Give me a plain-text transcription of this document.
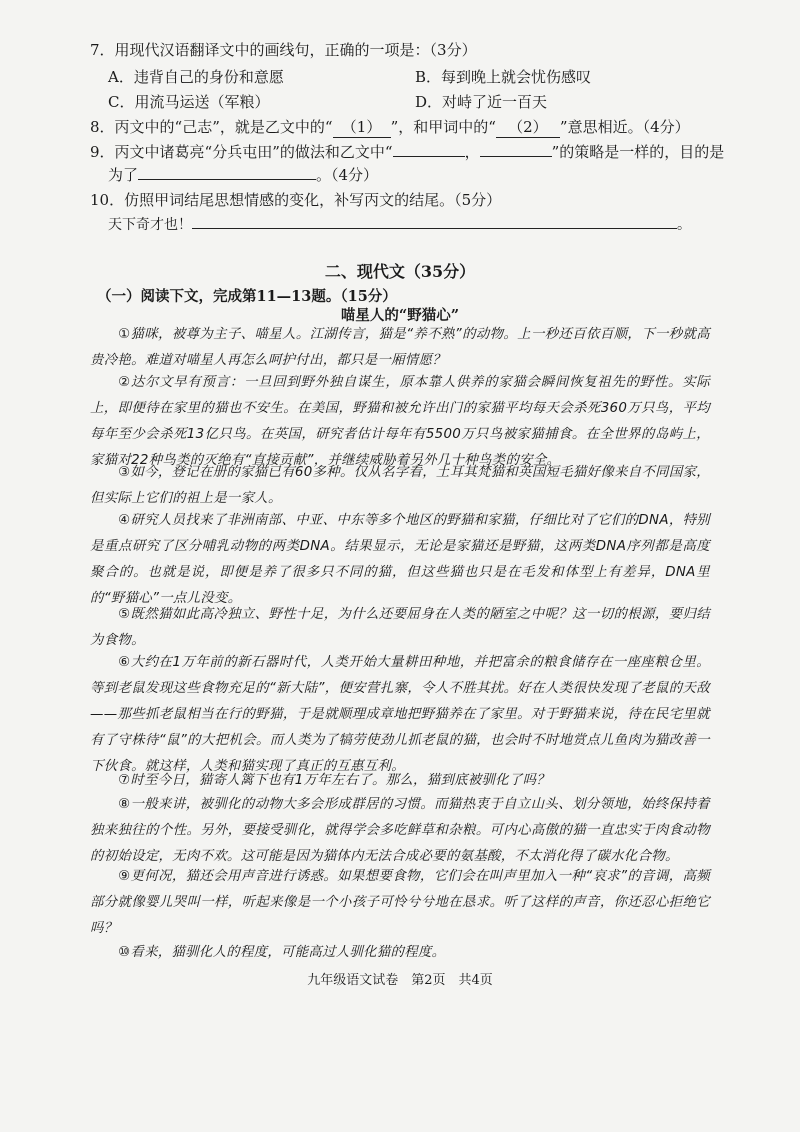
7．用现代汉语翻译文中的画线句，正确的一项是：（3分）
A．违背自己的身份和意愿	B．每到晚上就会忧伤感叹
C．用流马运送（军粮）	D．对峙了近一百天
8．丙文中的“己志”，就是乙文中的“ （1） ”，和甲词中的“ （2） ”意思相近。（4分）
9．丙文中诸葛亮“分兵屯田”的做法和乙文中“	，	”的策略是一样的，目的是
为了	。（4分）
10．仿照甲词结尾思想情感的变化，补写丙文的结尾。（5分）
天下奇才也！	。
二、现代文（35分）
（一）阅读下文，完成第11—13题。（15分）
喵星人的“野猫心”
①猫咪，被尊为主子、喵星人。江湖传言，猫是“养不熟”的动物。上一秒还百依百顺，下一秒就高贵冷艳。难道对喵星人再怎么呵护付出，都只是一厢情愿？
②达尔文早有预言：一旦回到野外独自谋生，原本靠人供养的家猫会瞬间恢复祖先的野性。实际上，即便待在家里的猫也不安生。在美国，野猫和被允许出门的家猫平均每天会杀死360万只鸟，平均每年至少会杀死13亿只鸟。在英国，研究者估计每年有5500万只鸟被家猫捕食。在全世界的岛屿上，家猫对22种鸟类的灭绝有“直接贡献”，并继续威胁着另外几十种鸟类的安全。
③如今，登记在册的家猫已有60多种。仅从名字看，土耳其梵猫和英国短毛猫好像来自不同国家，但实际上它们的祖上是一家人。
④研究人员找来了非洲南部、中亚、中东等多个地区的野猫和家猫，仔细比对了它们的DNA，特别是重点研究了区分哺乳动物的两类DNA。结果显示，无论是家猫还是野猫，这两类DNA序列都是高度聚合的。也就是说，即便是养了很多只不同的猫，但这些猫也只是在毛发和体型上有差异，DNA里的“野猫心”一点儿没变。
⑤既然猫如此高冷独立、野性十足，为什么还要屈身在人类的陋室之中呢？这一切的根源，要归结为食物。
⑥大约在1万年前的新石器时代，人类开始大量耕田种地，并把富余的粮食储存在一座座粮仓里。等到老鼠发现这些食物充足的“新大陆”，便安营扎寨，令人不胜其扰。好在人类很快发现了老鼠的天敌——那些抓老鼠相当在行的野猫，于是就顺理成章地把野猫养在了家里。对于野猫来说，待在民宅里就有了守株待“鼠”的大把机会。而人类为了犒劳使劲儿抓老鼠的猫，也会时不时地赏点儿鱼肉为猫改善一下伙食。就这样，人类和猫实现了真正的互惠互利。
⑦时至今日，猫寄人篱下也有1万年左右了。那么，猫到底被驯化了吗？
⑧一般来讲，被驯化的动物大多会形成群居的习惯。而猫热衷于自立山头、划分领地，始终保持着独来独往的个性。另外，要接受驯化，就得学会多吃鲜草和杂粮。可内心高傲的猫一直忠实于肉食动物的初始设定，无肉不欢。这可能是因为猫体内无法合成必要的氨基酸，不太消化得了碳水化合物。
⑨更何况，猫还会用声音进行诱惑。如果想要食物，它们会在叫声里加入一种“哀求”的音调，高频部分就像婴儿哭叫一样，听起来像是一个小孩子可怜兮兮地在恳求。听了这样的声音，你还忍心拒绝它吗？
⑩看来，猫驯化人的程度，可能高过人驯化猫的程度。
九年级语文试卷　第2页　共4页
